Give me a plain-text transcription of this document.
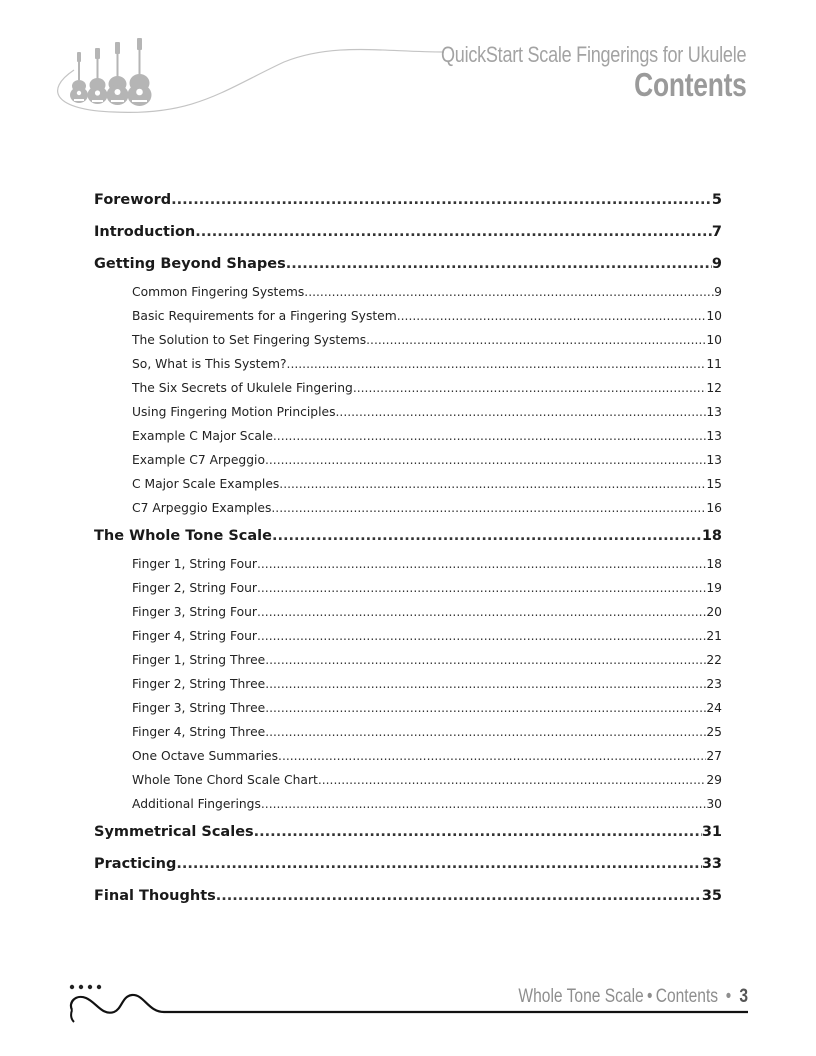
QuickStart Scale Fingerings for Ukulele
Contents
Foreword .....	5
Introduction .....	7
Getting Beyond Shapes .....	9
Common Fingering Systems .....	9
Basic Requirements for a Fingering System .....	10
The Solution to Set Fingering Systems .....	10
So, What is This System? .....	11
The Six Secrets of Ukulele Fingering .....	12
Using Fingering Motion Principles .....	13
Example C Major Scale .....	13
Example C7 Arpeggio .....	13
C Major Scale Examples .....	15
C7 Arpeggio Examples .....	16
The Whole Tone Scale .....	18
Finger 1, String Four .....	18
Finger 2, String Four .....	19
Finger 3, String Four .....	20
Finger 4, String Four .....	21
Finger 1, String Three .....	22
Finger 2, String Three .....	23
Finger 3, String Three .....	24
Finger 4, String Three .....	25
One Octave Summaries .....	27
Whole Tone Chord Scale Chart .....	29
Additional Fingerings .....	30
Symmetrical Scales .....	31
Practicing .....	33
Final Thoughts .....	35
Whole Tone Scale • Contents • 3
